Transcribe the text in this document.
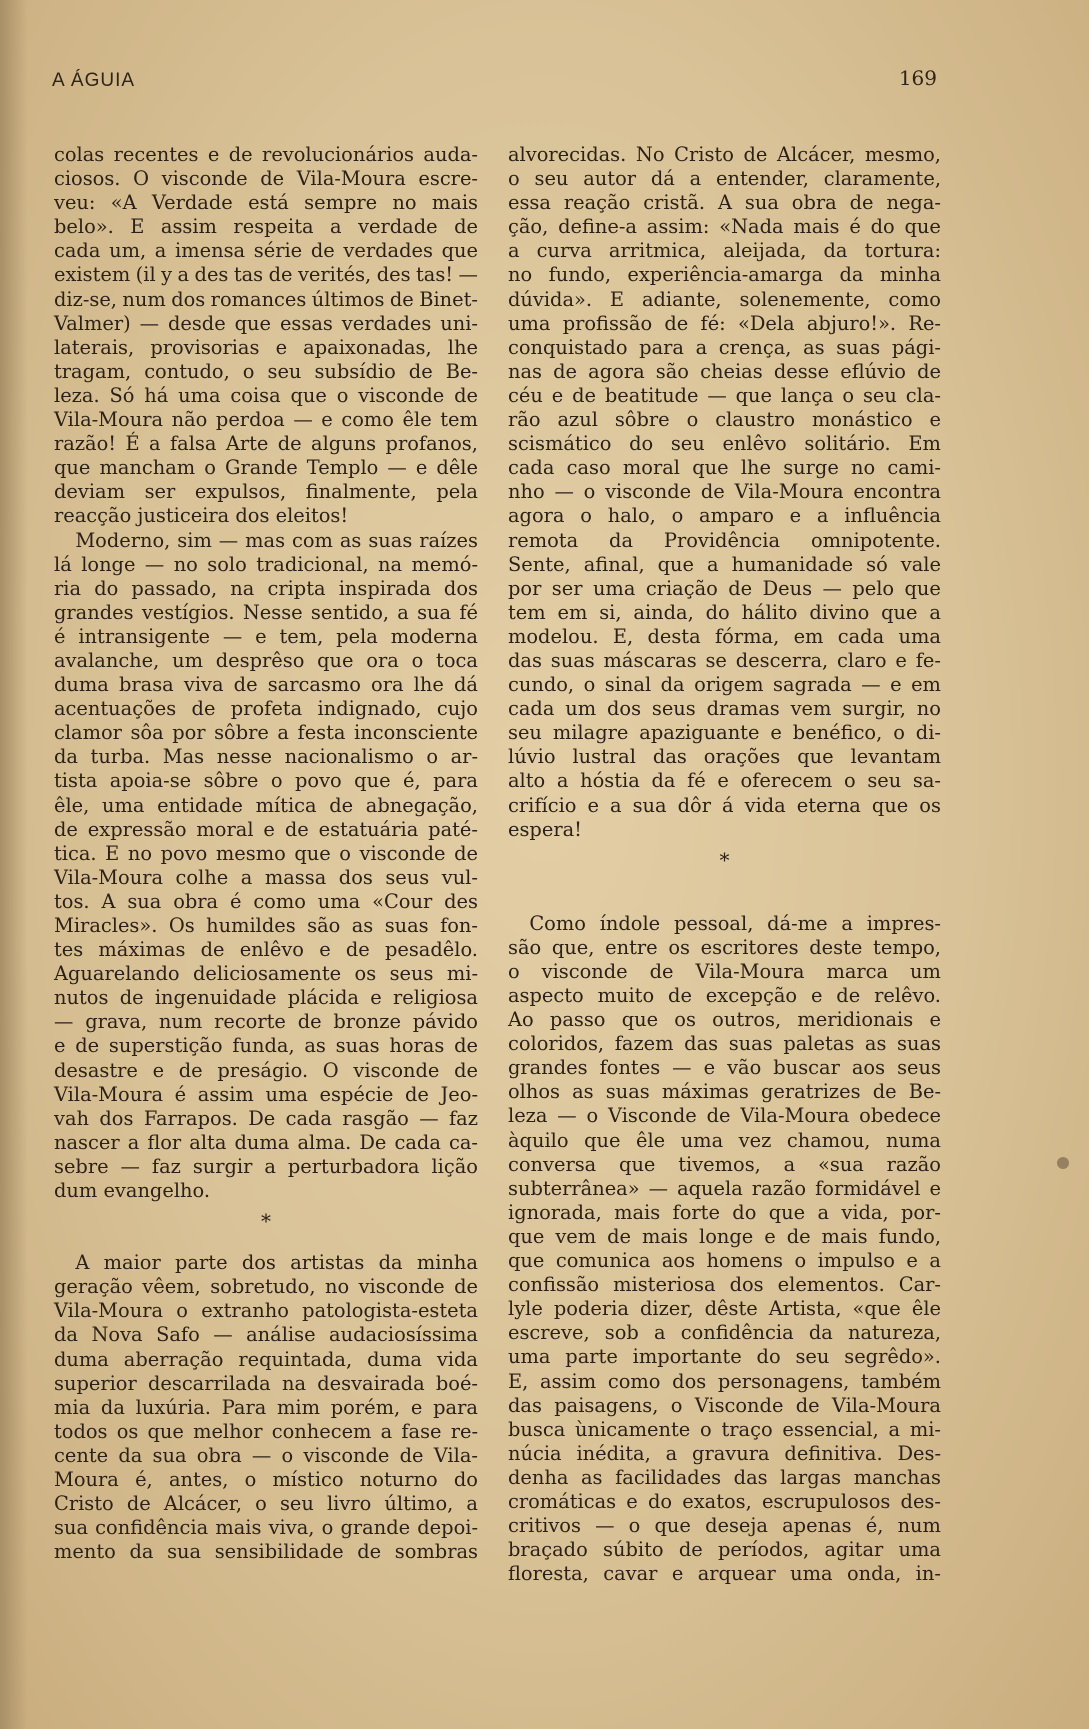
A ÁGUIA	169
colas recentes e de revolucionários auda-
ciosos. O visconde de Vila-Moura escre-
veu: «A Verdade está sempre no mais
belo». E assim respeita a verdade de
cada um, a imensa série de verdades que
existem (il y a des tas de verités, des tas! —
diz-se, num dos romances últimos de Binet-
Valmer) — desde que essas verdades uni-
laterais, provisorias e apaixonadas, lhe
tragam, contudo, o seu subsídio de Be-
leza. Só há uma coisa que o visconde de
Vila-Moura não perdoa — e como êle tem
razão! É a falsa Arte de alguns profanos,
que mancham o Grande Templo — e dêle
deviam ser expulsos, finalmente, pela
reacção justiceira dos eleitos!
Moderno, sim — mas com as suas raízes
lá longe — no solo tradicional, na memó-
ria do passado, na cripta inspirada dos
grandes vestígios. Nesse sentido, a sua fé
é intransigente — e tem, pela moderna
avalanche, um desprêso que ora o toca
duma brasa viva de sarcasmo ora lhe dá
acentuações de profeta indignado, cujo
clamor sôa por sôbre a festa inconsciente
da turba. Mas nesse nacionalismo o ar-
tista apoia-se sôbre o povo que é, para
êle, uma entidade mítica de abnegação,
de expressão moral e de estatuária paté-
tica. E no povo mesmo que o visconde de
Vila-Moura colhe a massa dos seus vul-
tos. A sua obra é como uma «Cour des
Miracles». Os humildes são as suas fon-
tes máximas de enlêvo e de pesadêlo.
Aguarelando deliciosamente os seus mi-
nutos de ingenuidade plácida e religiosa
— grava, num recorte de bronze pávido
e de superstição funda, as suas horas de
desastre e de preságio. O visconde de
Vila-Moura é assim uma espécie de Jeo-
vah dos Farrapos. De cada rasgão — faz
nascer a flor alta duma alma. De cada ca-
sebre — faz surgir a perturbadora lição
dum evangelho.
*
A maior parte dos artistas da minha
geração vêem, sobretudo, no visconde de
Vila-Moura o extranho patologista-esteta
da Nova Safo — análise audaciosíssima
duma aberração requintada, duma vida
superior descarrilada na desvairada boé-
mia da luxúria. Para mim porém, e para
todos os que melhor conhecem a fase re-
cente da sua obra — o visconde de Vila-
Moura é, antes, o místico noturno do
Cristo de Alcácer, o seu livro último, a
sua confidência mais viva, o grande depoi-
mento da sua sensibilidade de sombras
alvorecidas. No Cristo de Alcácer, mesmo,
o seu autor dá a entender, claramente,
essa reação cristã. A sua obra de nega-
ção, define-a assim: «Nada mais é do que
a curva arritmica, aleijada, da tortura:
no fundo, experiência-amarga da minha
dúvida». E adiante, solenemente, como
uma profissão de fé: «Dela abjuro!». Re-
conquistado para a crença, as suas pági-
nas de agora são cheias desse eflúvio de
céu e de beatitude — que lança o seu cla-
rão azul sôbre o claustro monástico e
scismático do seu enlêvo solitário. Em
cada caso moral que lhe surge no cami-
nho — o visconde de Vila-Moura encontra
agora o halo, o amparo e a influência
remota da Providência omnipotente.
Sente, afinal, que a humanidade só vale
por ser uma criação de Deus — pelo que
tem em si, ainda, do hálito divino que a
modelou. E, desta fórma, em cada uma
das suas máscaras se descerra, claro e fe-
cundo, o sinal da origem sagrada — e em
cada um dos seus dramas vem surgir, no
seu milagre apaziguante e benéfico, o di-
lúvio lustral das orações que levantam
alto a hóstia da fé e oferecem o seu sa-
crifício e a sua dôr á vida eterna que os
espera!
*
Como índole pessoal, dá-me a impres-
são que, entre os escritores deste tempo,
o visconde de Vila-Moura marca um
aspecto muito de excepção e de relêvo.
Ao passo que os outros, meridionais e
coloridos, fazem das suas paletas as suas
grandes fontes — e vão buscar aos seus
olhos as suas máximas geratrizes de Be-
leza — o Visconde de Vila-Moura obedece
àquilo que êle uma vez chamou, numa
conversa que tivemos, a «sua razão
subterrânea» — aquela razão formidável e
ignorada, mais forte do que a vida, por-
que vem de mais longe e de mais fundo,
que comunica aos homens o impulso e a
confissão misteriosa dos elementos. Car-
lyle poderia dizer, dêste Artista, «que êle
escreve, sob a confidência da natureza,
uma parte importante do seu segrêdo».
E, assim como dos personagens, também
das paisagens, o Visconde de Vila-Moura
busca ùnicamente o traço essencial, a mi-
núcia inédita, a gravura definitiva. Des-
denha as facilidades das largas manchas
cromáticas e do exatos, escrupulosos des-
critivos — o que deseja apenas é, num
braçado súbito de períodos, agitar uma
floresta, cavar e arquear uma onda, in-
